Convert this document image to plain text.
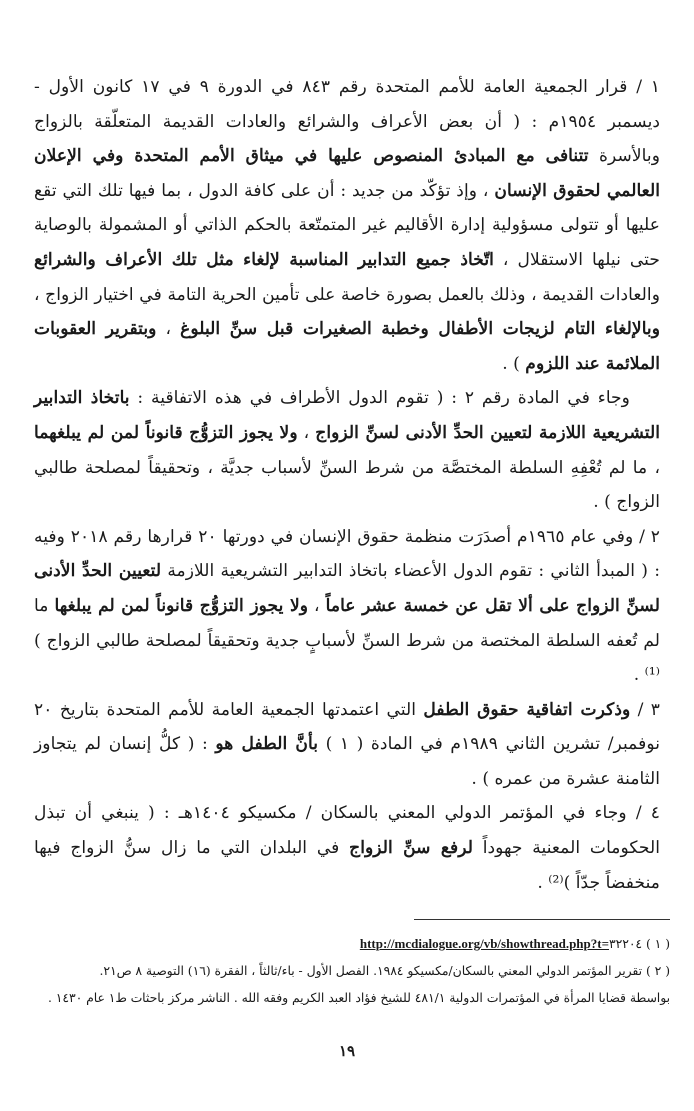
١ / قرار الجمعية العامة للأمم المتحدة رقم ٨٤٣ في الدورة ٩ في ١٧ كانون الأول - ديسمبر ١٩٥٤م : ( أن بعض الأعراف والشرائع والعادات القديمة المتعلّقة بالزواج وبالأسرة تتنافى مع المبادئ المنصوص عليها في ميثاق الأمم المتحدة وفي الإعلان العالمي لحقوق الإنسان ، وإذ تؤكّد من جديد : أن على كافة الدول ، بما فيها تلك التي تقع عليها أو تتولى مسؤولية إدارة الأقاليم غير المتمتّعة بالحكم الذاتي أو المشمولة بالوصاية حتى نيلها الاستقلال ، اتّخاذ جميع التدابير المناسبة لإلغاء مثل تلك الأعراف والشرائع والعادات القديمة ، وذلك بالعمل بصورة خاصة على تأمين الحرية التامة في اختيار الزواج ، وبالإلغاء التام لزيجات الأطفال وخطبة الصغيرات قبل سنِّ البلوغ ، وبتقرير العقوبات الملائمة عند اللزوم ) .

وجاء في المادة رقم ٢ : ( تقوم الدول الأطراف في هذه الاتفاقية : باتخاذ التدابير التشريعية اللازمة لتعيين الحدِّ الأدنى لسنِّ الزواج ، ولا يجوز التزوُّج قانوناً لمن لم يبلغهما ، ما لم تُعْفِهِ السلطة المختصَّة من شرط السنِّ لأسباب جديَّة ، وتحقيقاً لمصلحة طالبي الزواج ) .

٢ / وفي عام ١٩٦٥م أصدَرَت منظمة حقوق الإنسان في دورتها ٢٠ قرارها رقم ٢٠١٨ وفيه : ( المبدأ الثاني : تقوم الدول الأعضاء باتخاذ التدابير التشريعية اللازمة لتعيين الحدِّ الأدنى لسنِّ الزواج على ألا تقل عن خمسة عشر عاماً ، ولا يجوز التزوُّج قانوناً لمن لم يبلغها ما لم تُعفه السلطة المختصة من شرط السنِّ لأسبابٍ جدية وتحقيقاً لمصلحة طالبي الزواج )⁽¹⁾ .

٣ / وذكرت اتفاقية حقوق الطفل التي اعتمدتها الجمعية العامة للأمم المتحدة بتاريخ ٢٠ نوفمبر/ تشرين الثاني ١٩٨٩م في المادة ( ١ ) بأنَّ الطفل هو : ( كلُّ إنسان لم يتجاوز الثامنة عشرة من عمره ) .

٤ / وجاء في المؤتمر الدولي المعني بالسكان / مكسيكو ١٤٠٤هـ : ( ينبغي أن تبذل الحكومات المعنية جهوداً لرفع سنِّ الزواج في البلدان التي ما زال سنُّ الزواج فيها منخفضاً جدّاً )⁽²⁾ .

( ١ ) http://mcdialogue.org/vb/showthread.php?t=٣٢٢٠٤

( ٢ ) تقرير المؤتمر الدولي المعني بالسكان/مكسيكو ١٩٨٤. الفصل الأول - باء/ثالثاً ، الفقرة (١٦) التوصية ٨ ص٢١.

بواسطة قضايا المرأة في المؤتمرات الدولية ٤٨١/١ للشيخ فؤاد العبد الكريم وفقه الله . الناشر مركز باحثات ط١ عام ١٤٣٠ .

١٩
